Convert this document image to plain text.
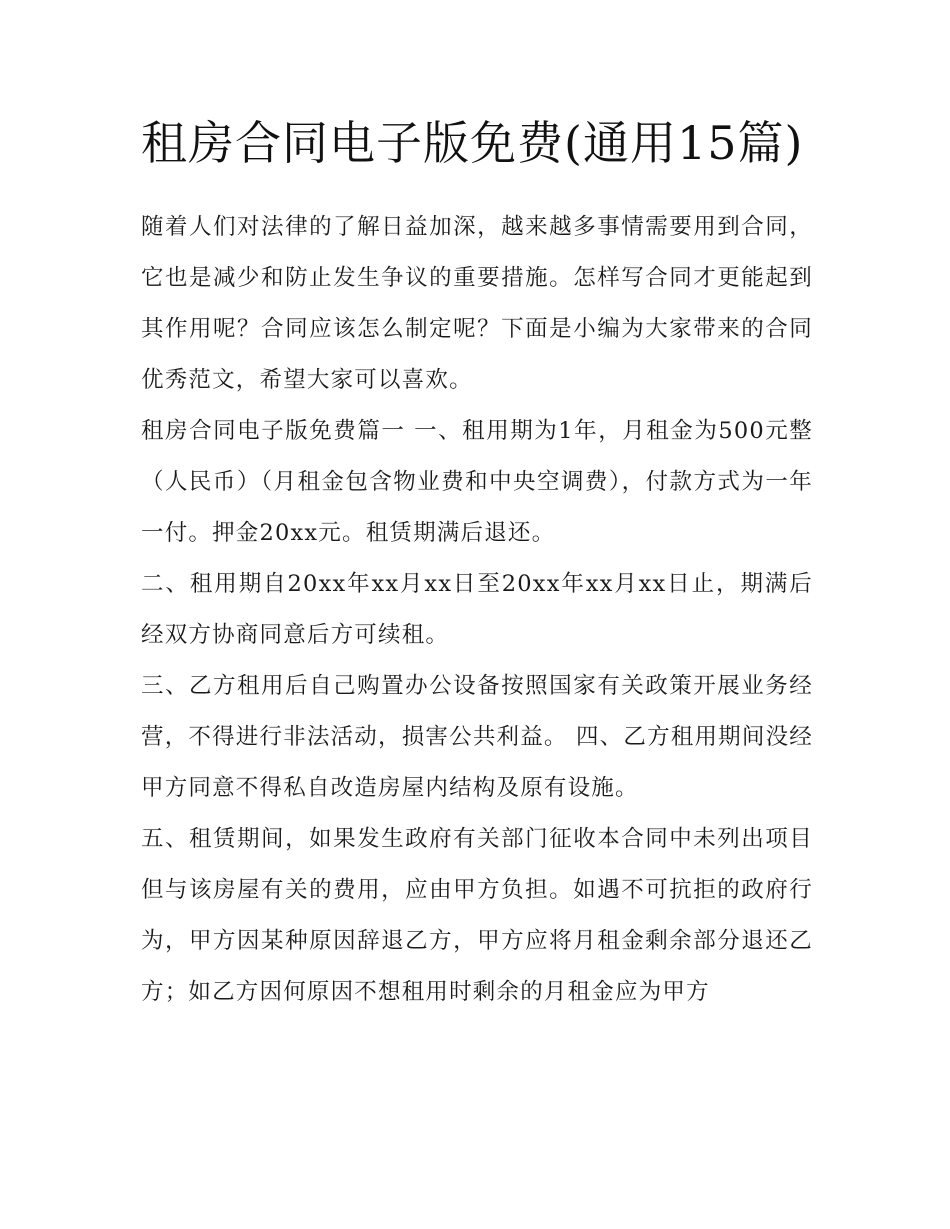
租房合同电子版免费(通用15篇)

随着人们对法律的了解日益加深，越来越多事情需要用到合同，它也是减少和防止发生争议的重要措施。怎样写合同才更能起到其作用呢？合同应该怎么制定呢？下面是小编为大家带来的合同优秀范文，希望大家可以喜欢。

租房合同电子版免费篇一 一、租用期为1年，月租金为500元整（人民币）（月租金包含物业费和中央空调费），付款方式为一年一付。押金20xx元。租赁期满后退还。

二、租用期自20xx年xx月xx日至20xx年xx月xx日止，期满后经双方协商同意后方可续租。

三、乙方租用后自己购置办公设备按照国家有关政策开展业务经营，不得进行非法活动，损害公共利益。 四、乙方租用期间没经甲方同意不得私自改造房屋内结构及原有设施。

五、租赁期间，如果发生政府有关部门征收本合同中未列出项目但与该房屋有关的费用，应由甲方负担。如遇不可抗拒的政府行为，甲方因某种原因辞退乙方，甲方应将月租金剩余部分退还乙方；如乙方因何原因不想租用时剩余的月租金应为甲方
